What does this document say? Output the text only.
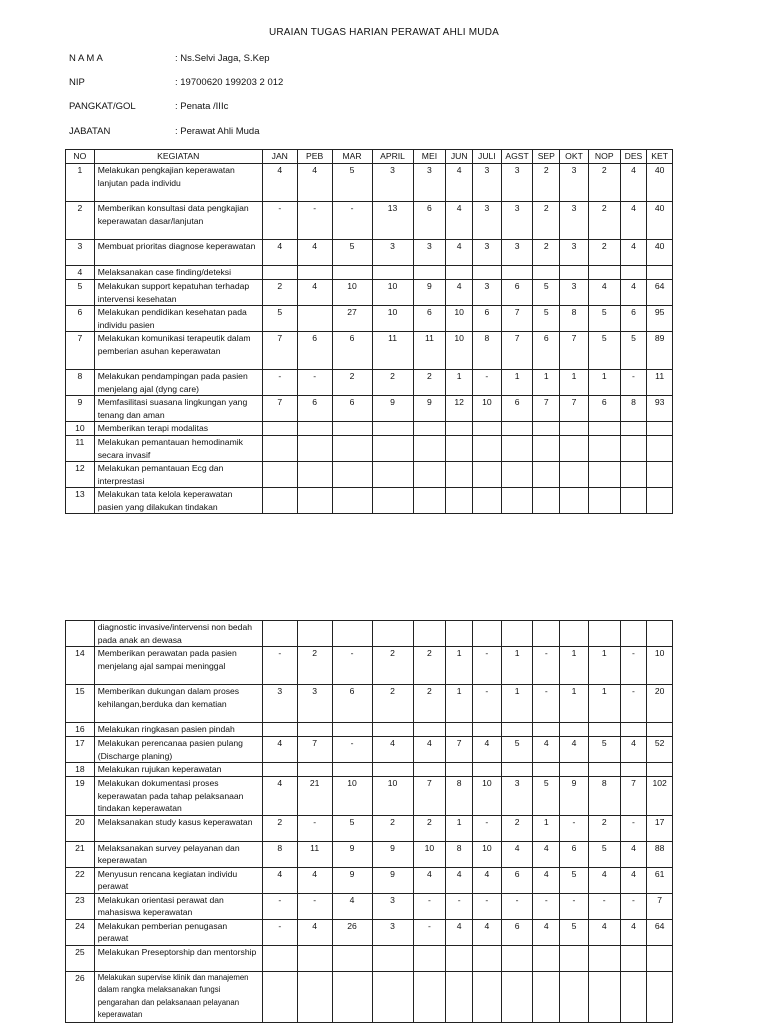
URAIAN TUGAS HARIAN PERAWAT AHLI MUDA
N A M A	: Ns.Selvi Jaga, S.Kep
NIP	: 19700620 199203 2 012
PANGKAT/GOL	: Penata /IIIc
JABATAN	: Perawat Ahli Muda
NO	KEGIATAN	JAN	PEB	MAR	APRIL	MEI	JUN	JULI	AGST	SEP	OKT	NOP	DES	KET
1	Melakukan pengkajian keperawatan lanjutan pada individu	4	4	5	3	3	4	3	3	2	3	2	4	40
2	Memberikan konsultasi data pengkajian keperawatan dasar/lanjutan	-	-	-	13	6	4	3	3	2	3	2	4	40
3	Membuat prioritas diagnose keperawatan	4	4	5	3	3	4	3	3	2	3	2	4	40
4	Melaksanakan case finding/deteksi													
5	Melakukan support kepatuhan terhadap intervensi kesehatan	2	4	10	10	9	4	3	6	5	3	4	4	64
6	Melakukan pendidikan kesehatan pada individu pasien	5		27	10	6	10	6	7	5	8	5	6	95
7	Melakukan komunikasi terapeutik dalam pemberian asuhan keperawatan	7	6	6	11	11	10	8	7	6	7	5	5	89
8	Melakukan pendampingan pada pasien menjelang ajal (dyng care)	-	-	2	2	2	1	-	1	1	1	1	-	11
9	Memfasilitasi suasana lingkungan yang tenang dan aman	7	6	6	9	9	12	10	6	7	7	6	8	93
10	Memberikan terapi modalitas													
11	Melakukan pemantauan hemodinamik secara invasif													
12	Melakukan pemantauan Ecg dan interprestasi													
13	Melakukan tata kelola keperawatan pasien yang dilakukan tindakan													
	diagnostic invasive/intervensi non bedah pada anak an dewasa													
14	Memberikan perawatan pada pasien menjelang ajal sampai meninggal	-	2	-	2	2	1	-	1	-	1	1	-	10
15	Memberikan dukungan dalam proses kehilangan,berduka dan kematian	3	3	6	2	2	1	-	1	-	1	1	-	20
16	Melakukan ringkasan pasien pindah													
17	Melakukan perencanaa pasien pulang (Discharge planing)	4	7	-	4	4	7	4	5	4	4	5	4	52
18	Melakukan rujukan keperawatan													
19	Melakukan dokumentasi proses keperawatan pada tahap pelaksanaan tindakan keperawatan	4	21	10	10	7	8	10	3	5	9	8	7	102
20	Melaksanakan study kasus keperawatan	2	-	5	2	2	1	-	2	1	-	2	-	17
21	Melaksanakan survey pelayanan dan keperawatan	8	11	9	9	10	8	10	4	4	6	5	4	88
22	Menyusun rencana kegiatan individu perawat	4	4	9	9	4	4	4	6	4	5	4	4	61
23	Melakukan orientasi perawat dan mahasiswa keperawatan	-	-	4	3	-	-	-	-	-	-	-	-	7
24	Melakukan pemberian penugasan perawat	-	4	26	3	-	4	4	6	4	5	4	4	64
25	Melakukan Preseptorship dan mentorship													
26	Melakukan supervise klinik dan manajemen dalam rangka melaksanakan fungsi pengarahan dan pelaksanaan pelayanan keperawatan													
